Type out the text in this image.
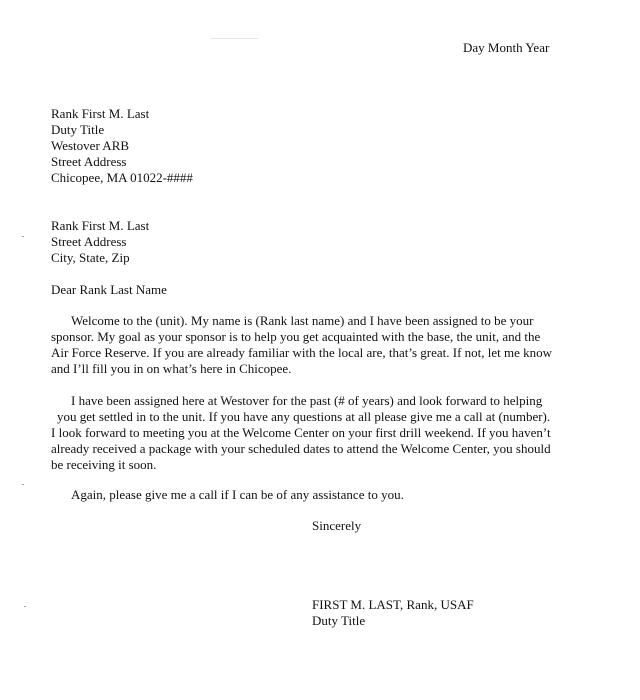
Day Month Year
Rank First M. Last
Duty Title
Westover ARB
Street Address
Chicopee, MA 01022-####
Rank First M. Last
Street Address
City, State, Zip
Dear Rank Last Name
Welcome to the (unit). My name is (Rank last name) and I have been assigned to be your
sponsor. My goal as your sponsor is to help you get acquainted with the base, the unit, and the
Air Force Reserve. If you are already familiar with the local are, that’s great. If not, let me know
and I’ll fill you in on what’s here in Chicopee.
I have been assigned here at Westover for the past (# of years) and look forward to helping
you get settled in to the unit. If you have any questions at all please give me a call at (number).
I look forward to meeting you at the Welcome Center on your first drill weekend. If you haven’t
already received a package with your scheduled dates to attend the Welcome Center, you should
be receiving it soon.
Again, please give me a call if I can be of any assistance to you.
Sincerely
FIRST M. LAST, Rank, USAF
Duty Title
